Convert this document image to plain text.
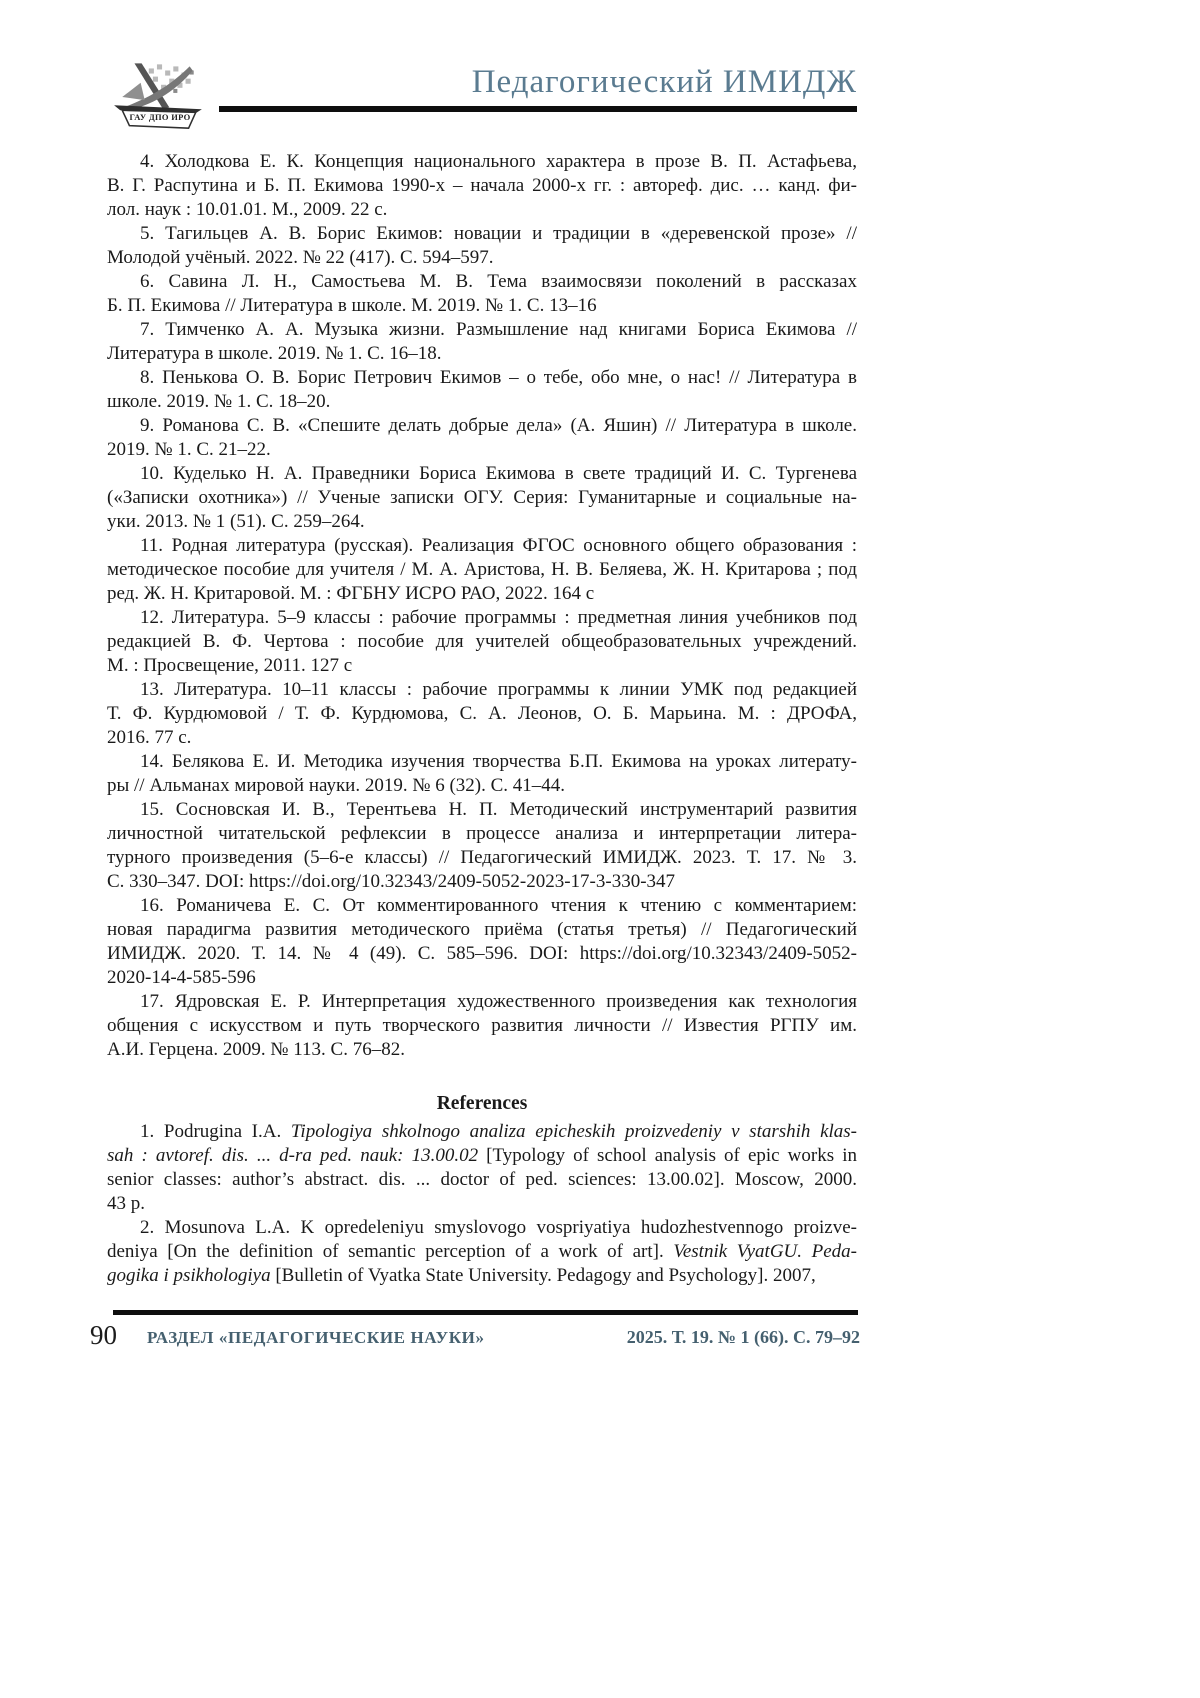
ГАУ ДПО ИРО
Педагогический ИМИДЖ
4. Холодкова Е. К. Концепция национального характера в прозе В. П. Астафьева,
В. Г. Распутина и Б. П. Екимова 1990-х – начала 2000-х гг. : автореф. дис. … канд. фи-
лол. наук : 10.01.01. М., 2009. 22 с.
5. Тагильцев А. В. Борис Екимов: новации и традиции в «деревенской прозе» //
Молодой учёный. 2022. № 22 (417). С. 594–597.
6. Савина Л. Н., Самостьева М. В. Тема взаимосвязи поколений в рассказах
Б. П. Екимова // Литература в школе. М. 2019. № 1. С. 13–16
7. Тимченко А. А. Музыка жизни. Размышление над книгами Бориса Екимова //
Литература в школе. 2019. № 1. С. 16–18.
8. Пенькова О. В. Борис Петрович Екимов – о тебе, обо мне, о нас! // Литература в
школе. 2019. № 1. С. 18–20.
9. Романова С. В. «Спешите делать добрые дела» (А. Яшин) // Литература в школе.
2019. № 1. С. 21–22.
10. Куделько Н. А. Праведники Бориса Екимова в свете традиций И. С. Тургенева
(«Записки охотника») // Ученые записки ОГУ. Серия: Гуманитарные и социальные на-
уки. 2013. № 1 (51). С. 259–264.
11. Родная литература (русская). Реализация ФГОС основного общего образования :
методическое пособие для учителя / М. А. Аристова, Н. В. Беляева, Ж. Н. Критарова ; под
ред. Ж. Н. Критаровой. М. : ФГБНУ ИСРО РАО, 2022. 164 с
12. Литература. 5–9 классы : рабочие программы : предметная линия учебников под
редакцией В. Ф. Чертова : пособие для учителей общеобразовательных учреждений.
М. : Просвещение, 2011. 127 с
13. Литература. 10–11 классы : рабочие программы к линии УМК под редакцией
Т. Ф. Курдюмовой / Т. Ф. Курдюмова, С. А. Леонов, О. Б. Марьина. М. : ДРОФА,
2016. 77 с.
14. Белякова Е. И. Методика изучения творчества Б.П. Екимова на уроках литерату-
ры // Альманах мировой науки. 2019. № 6 (32). С. 41–44.
15. Сосновская И. В., Терентьева Н. П. Методический инструментарий развития
личностной читательской рефлексии в процессе анализа и интерпретации литера-
турного произведения (5–6-е классы) // Педагогический ИМИДЖ. 2023. Т. 17. № 3.
С. 330–347. DOI: https://doi.org/10.32343/2409-5052-2023-17-3-330-347
16. Романичева Е. С. От комментированного чтения к чтению с комментарием:
новая парадигма развития методического приёма (статья третья) // Педагогический
ИМИДЖ. 2020. Т. 14. № 4 (49). С. 585–596. DOI: https://doi.org/10.32343/2409-5052-
2020-14-4-585-596
17. Ядровская Е. Р. Интерпретация художественного произведения как технология
общения с искусством и путь творческого развития личности // Известия РГПУ им.
А.И. Герцена. 2009. № 113. С. 76–82.
References
1. Podrugina I.A. Tipologiya shkolnogo analiza epicheskih proizvedeniy v starshih klas-
sah : avtoref. dis. ... d-ra ped. nauk: 13.00.02 [Typology of school analysis of epic works in
senior classes: author’s abstract. dis. ... doctor of ped. sciences: 13.00.02]. Moscow, 2000.
43 p.
2. Mosunova L.A. K opredeleniyu smyslovogo vospriyatiya hudozhestvennogo proizve-
deniya [On the definition of semantic perception of a work of art]. Vestnik VyatGU. Peda-
gogika i psikhologiya [Bulletin of Vyatka State University. Pedagogy and Psychology]. 2007,
90 РАЗДЕЛ «ПЕДАГОГИЧЕСКИЕ НАУКИ»	2025. Т. 19. № 1 (66). С. 79–92
